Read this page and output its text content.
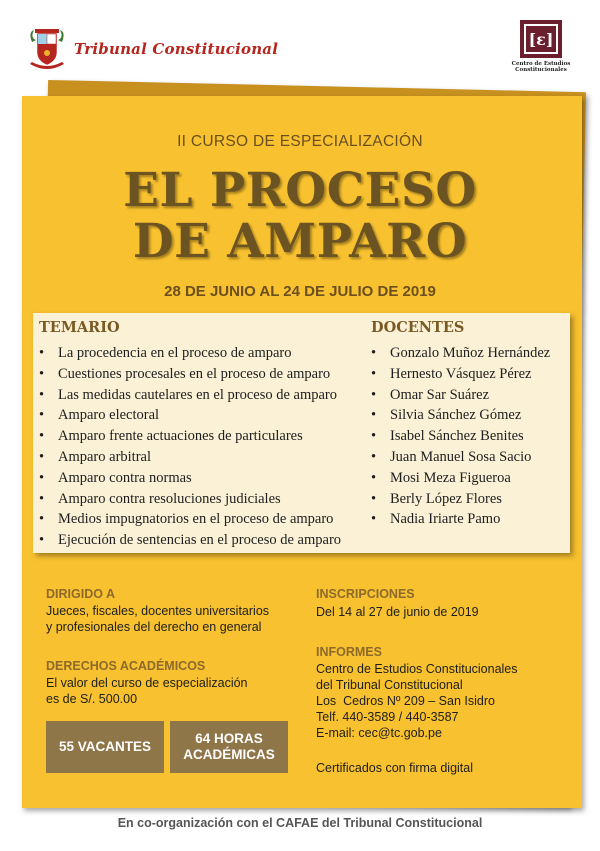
Tribunal Constitucional
[ɛ]
Centro de Estudios Constitucionales
II CURSO DE ESPECIALIZACIÓN
EL PROCESO
DE AMPARO
28 DE JUNIO AL 24 DE JULIO DE 2019
TEMARIO
• La procedencia en el proceso de amparo
• Cuestiones procesales en el proceso de amparo
• Las medidas cautelares en el proceso de amparo
• Amparo electoral
• Amparo frente actuaciones de particulares
• Amparo arbitral
• Amparo contra normas
• Amparo contra resoluciones judiciales
• Medios impugnatorios en el proceso de amparo
• Ejecución de sentencias en el proceso de amparo
DOCENTES
• Gonzalo Muñoz Hernández
• Hernesto Vásquez Pérez
• Omar Sar Suárez
• Silvia Sánchez Gómez
• Isabel Sánchez Benites
• Juan Manuel Sosa Sacio
• Mosi Meza Figueroa
• Berly López Flores
• Nadia Iriarte Pamo
DIRIGIDO A
Jueces, fiscales, docentes universitarios
y profesionales del derecho en general
DERECHOS ACADÉMICOS
El valor del curso de especialización
es de S/. 500.00
INSCRIPCIONES
Del 14 al 27 de junio de 2019
INFORMES
Centro de Estudios Constitucionales
del Tribunal Constitucional
Los  Cedros Nº 209 – San Isidro
Telf. 440-3589 / 440-3587
E-mail: cec@tc.gob.pe
Certificados con firma digital
55 VACANTES
64 HORAS
ACADÉMICAS
En co-organización con el CAFAE del Tribunal Constitucional
